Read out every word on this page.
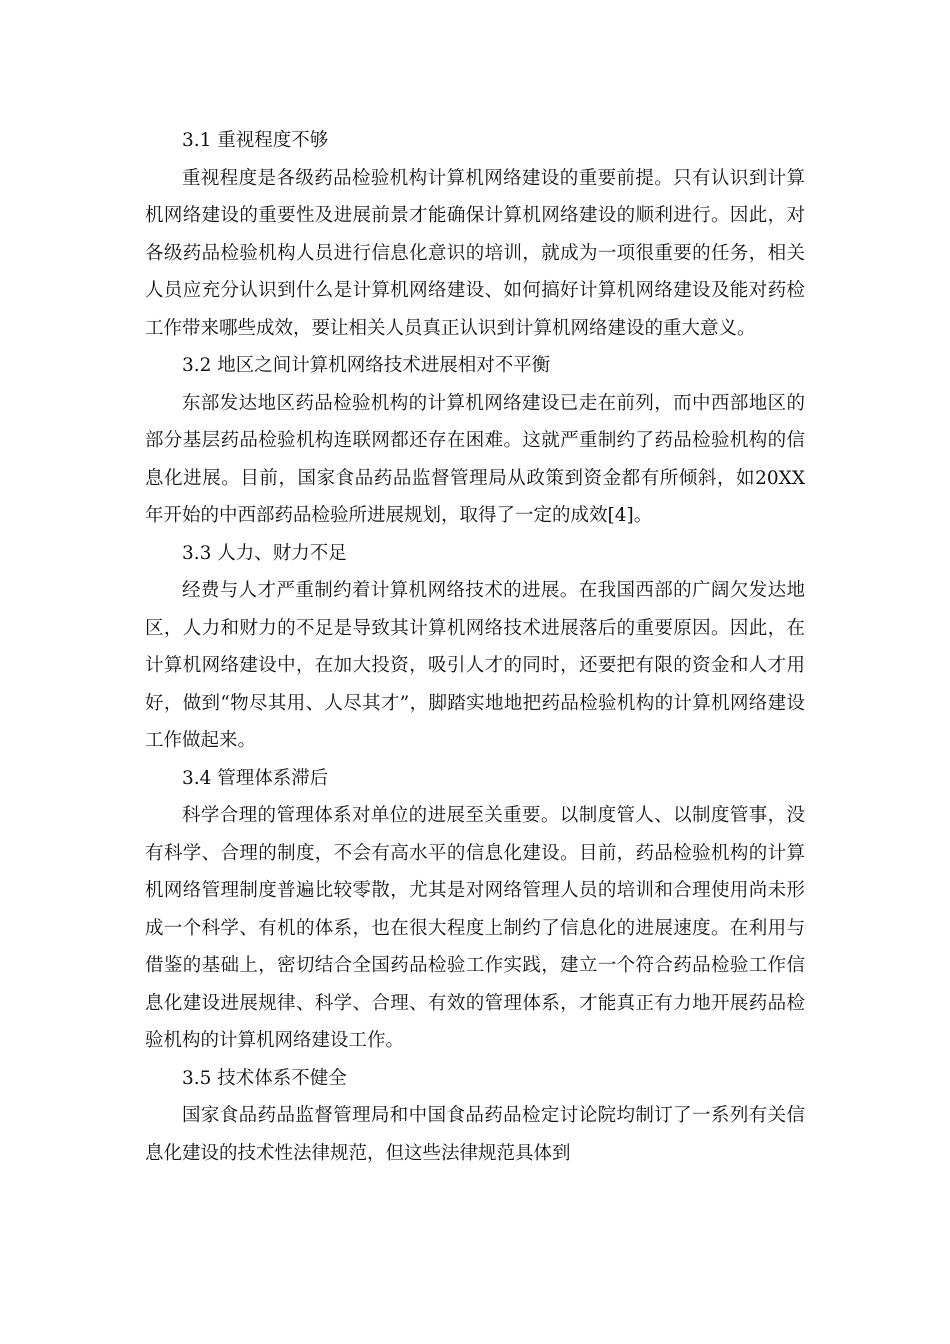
3.1 重视程度不够

重视程度是各级药品检验机构计算机网络建设的重要前提。只有认识到计算机网络建设的重要性及进展前景才能确保计算机网络建设的顺利进行。因此，对各级药品检验机构人员进行信息化意识的培训，就成为一项很重要的任务，相关人员应充分认识到什么是计算机网络建设、如何搞好计算机网络建设及能对药检工作带来哪些成效，要让相关人员真正认识到计算机网络建设的重大意义。

3.2 地区之间计算机网络技术进展相对不平衡

东部发达地区药品检验机构的计算机网络建设已走在前列，而中西部地区的部分基层药品检验机构连联网都还存在困难。这就严重制约了药品检验机构的信息化进展。目前，国家食品药品监督管理局从政策到资金都有所倾斜，如20XX年开始的中西部药品检验所进展规划，取得了一定的成效[4]。

3.3 人力、财力不足

经费与人才严重制约着计算机网络技术的进展。在我国西部的广阔欠发达地区，人力和财力的不足是导致其计算机网络技术进展落后的重要原因。因此，在计算机网络建设中，在加大投资，吸引人才的同时，还要把有限的资金和人才用好，做到“物尽其用、人尽其才”，脚踏实地地把药品检验机构的计算机网络建设工作做起来。

3.4 管理体系滞后

科学合理的管理体系对单位的进展至关重要。以制度管人、以制度管事，没有科学、合理的制度，不会有高水平的信息化建设。目前，药品检验机构的计算机网络管理制度普遍比较零散，尤其是对网络管理人员的培训和合理使用尚未形成一个科学、有机的体系，也在很大程度上制约了信息化的进展速度。在利用与借鉴的基础上，密切结合全国药品检验工作实践，建立一个符合药品检验工作信息化建设进展规律、科学、合理、有效的管理体系，才能真正有力地开展药品检验机构的计算机网络建设工作。

3.5 技术体系不健全

国家食品药品监督管理局和中国食品药品检定讨论院均制订了一系列有关信息化建设的技术性法律规范，但这些法律规范具体到
